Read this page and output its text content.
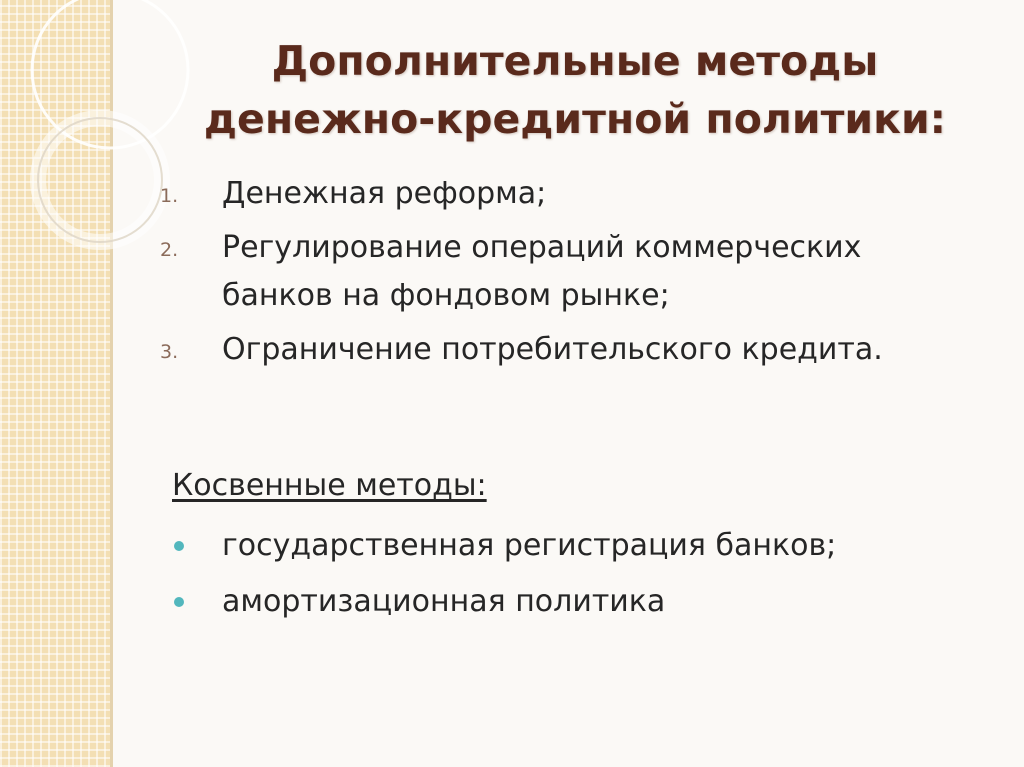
Дополнительные методы
денежно-кредитной политики:
1. Денежная реформа;
2. Регулирование операций коммерческих
банков на фондовом рынке;
3. Ограничение потребительского кредита.
Косвенные методы:
государственная регистрация банков;
амортизационная политика
